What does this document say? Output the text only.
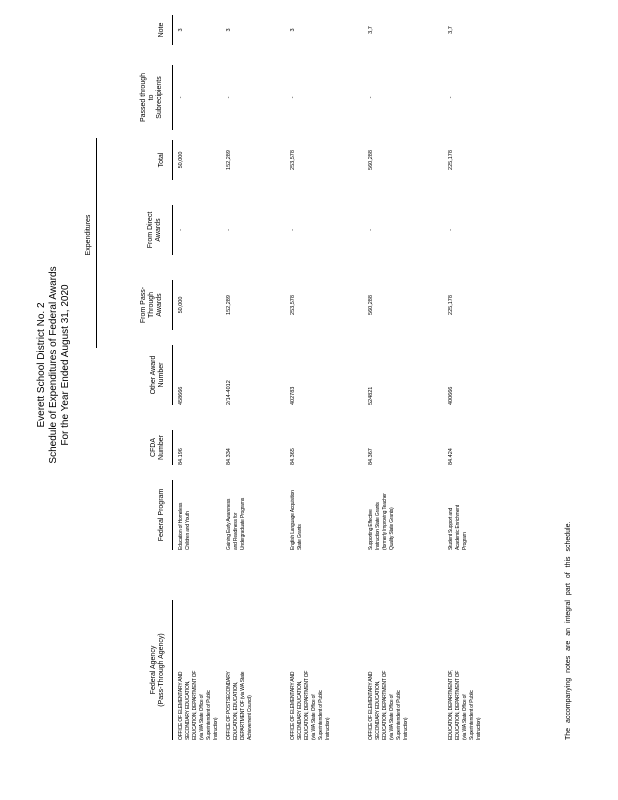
Everett School District No. 2 Schedule of Expenditures of Federal Awards For the Year Ended August 31, 2020
Federal Agency (Pass-Through Agency)
Federal Program
CFDA Number
Other Award Number
Expenditures
From Pass- Through Awards
From Direct Awards
Total
Passed through to Subrecipients
Note
OFFICE OF ELEMENTARY AND SECONDARY EDUCATION, EDUCATION, DEPARTMENT OF (via WA State Office of Superintendent of Public Instruction)
Education of Homeless Children and Youth
84.196
458666
50,000
-
50,000
-
3
OFFICE OF POSTSECONDARY EDUCATION, EDUCATION, DEPARTMENT OF (via WA State Achievement Council)
Gaining Early Awareness and Readiness for Undergraduate Programs
84.334
2/14-4012
152,289
-
152,289
-
3
OFFICE OF ELEMENTARY AND SECONDARY EDUCATION, EDUCATION, DEPARTMENT OF (via WA State Office of Superintendent of Public Instruction)
English Language Acquisition State Grants
84.365
402783
253,578
-
253,578
-
3
OFFICE OF ELEMENTARY AND SECONDARY EDUCATION, EDUCATION, DEPARTMENT OF (via WA State Office of Superintendent of Public Instruction)
Supporting Effective Instruction State Grants (formerly Improving Teacher Quality State Grants)
84.367
524821
560,288
-
560,288
-
3,7
EDUCATION, DEPARTMENT OF, EDUCATION, DEPARTMENT OF (via WA State Office of Superintendent of Public Instruction)
Student Support and Academic Enrichment Program
84.424
400666
225,178
-
225,178
-
3,7
The accompanying notes are an integral part of this schedule.
